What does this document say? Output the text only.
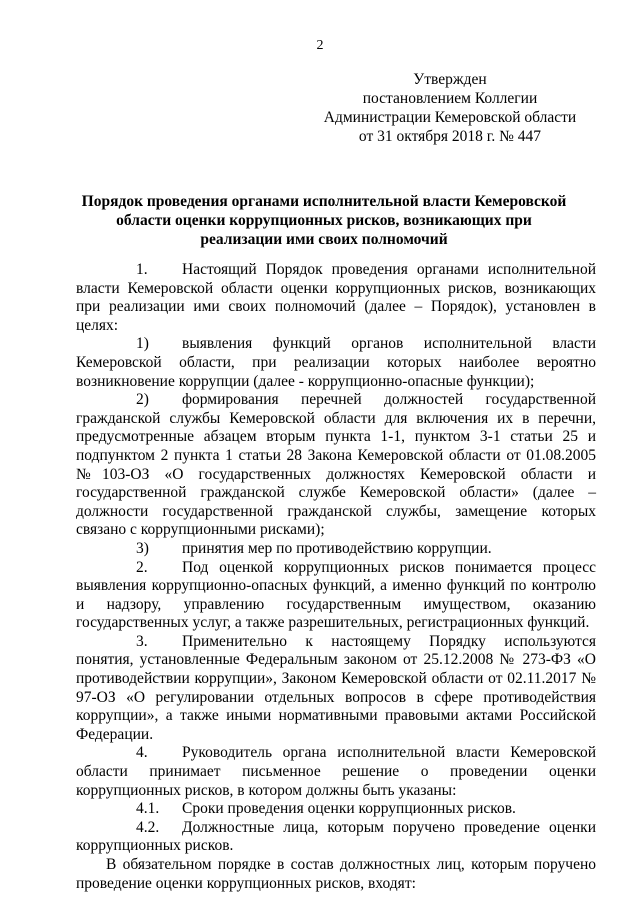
2
Утвержден
постановлением Коллегии
Администрации Кемеровской области
от 31 октября 2018 г. № 447
Порядок проведения органами исполнительной власти Кемеровской области оценки коррупционных рисков, возникающих при реализации ими своих полномочий

1. Настоящий Порядок проведения органами исполнительной власти Кемеровской области оценки коррупционных рисков, возникающих при реализации ими своих полномочий (далее – Порядок), установлен в целях:

1) выявления функций органов исполнительной власти Кемеровской области, при реализации которых наиболее вероятно возникновение коррупции (далее - коррупционно-опасные функции);

2) формирования перечней должностей государственной гражданской службы Кемеровской области для включения их в перечни, предусмотренные абзацем вторым пункта 1-1, пунктом 3-1 статьи 25 и подпунктом 2 пункта 1 статьи 28 Закона Кемеровской области от 01.08.2005 №103-ОЗ «О государственных должностях Кемеровской области и государственной гражданской службе Кемеровской области» (далее – должности государственной гражданской службы, замещение которых связано с коррупционными рисками);

3) принятия мер по противодействию коррупции.

2. Под оценкой коррупционных рисков понимается процесс выявления коррупционно-опасных функций, а именно функций по контролю и надзору, управлению государственным имуществом, оказанию государственных услуг, а также разрешительных, регистрационных функций.

3. Применительно к настоящему Порядку используются понятия, установленные Федеральным законом от 25.12.2008 № 273-ФЗ «О противодействии коррупции», Законом Кемеровской области от 02.11.2017 № 97-ОЗ «О регулировании отдельных вопросов в сфере противодействия коррупции», а также иными нормативными правовыми актами Российской Федерации.

4. Руководитель органа исполнительной власти Кемеровской области принимает письменное решение о проведении оценки коррупционных рисков, в котором должны быть указаны:

4.1. Сроки проведения оценки коррупционных рисков.

4.2. Должностные лица, которым поручено проведение оценки коррупционных рисков.

В обязательном порядке в состав должностных лиц, которым поручено проведение оценки коррупционных рисков, входят:
